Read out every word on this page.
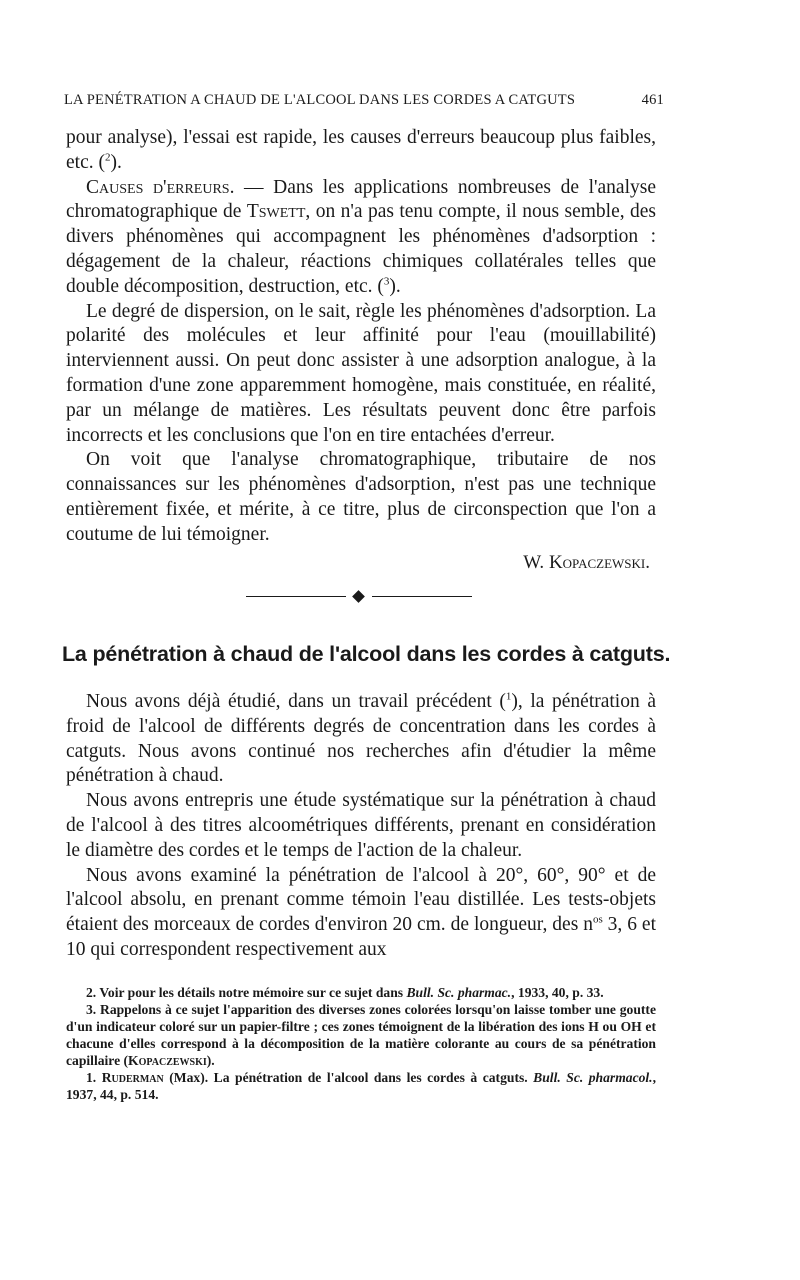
LA PENÉTRATION A CHAUD DE L'ALCOOL DANS LES CORDES A CATGUTS	461

pour analyse), l'essai est rapide, les causes d'erreurs beaucoup plus faibles, etc. ($^2$).

Causes d'erreurs. — Dans les applications nombreuses de l'analyse chromatographique de Tswett, on n'a pas tenu compte, il nous semble, des divers phénomènes qui accompagnent les phénomènes d'adsorption : dégagement de la chaleur, réactions chimiques collatérales telles que double décomposition, destruction, etc. ($^3$).

Le degré de dispersion, on le sait, règle les phénomènes d'adsorption. La polarité des molécules et leur affinité pour l'eau (mouillabilité) interviennent aussi. On peut donc assister à une adsorption analogue, à la formation d'une zone apparemment homogène, mais constituée, en réalité, par un mélange de matières. Les résultats peuvent donc être parfois incorrects et les conclusions que l'on en tire entachées d'erreur.

On voit que l'analyse chromatographique, tributaire de nos connaissances sur les phénomènes d'adsorption, n'est pas une technique entièrement fixée, et mérite, à ce titre, plus de circonspection que l'on a coutume de lui témoigner.

W. Kopaczewski.
La pénétration à chaud de l'alcool dans les cordes à catguts.

Nous avons déjà étudié, dans un travail précédent ($^1$), la pénétration à froid de l'alcool de différents degrés de concentration dans les cordes à catguts. Nous avons continué nos recherches afin d'étudier la même pénétration à chaud.

Nous avons entrepris une étude systématique sur la pénétration à chaud de l'alcool à des titres alcoométriques différents, prenant en considération le diamètre des cordes et le temps de l'action de la chaleur.

Nous avons examiné la pénétration de l'alcool à 20°, 60°, 90° et de l'alcool absolu, en prenant comme témoin l'eau distillée. Les tests-objets étaient des morceaux de cordes d'environ 20 cm. de longueur, des $n^{os}$ 3, 6 et 10 qui correspondent respectivement aux

2. Voir pour les détails notre mémoire sur ce sujet dans Bull. Sc. pharmac., 1933, 40, p. 33.

3. Rappelons à ce sujet l'apparition des diverses zones colorées lorsqu'on laisse tomber une goutte d'un indicateur coloré sur un papier-filtre ; ces zones témoignent de la libération des ions H ou OH et chacune d'elles correspond à la décomposition de la matière colorante au cours de sa pénétration capillaire (Kopaczewski).

1. Ruderman (Max). La pénétration de l'alcool dans les cordes à catguts. Bull. Sc. pharmacol., 1937, 44, p. 514.
